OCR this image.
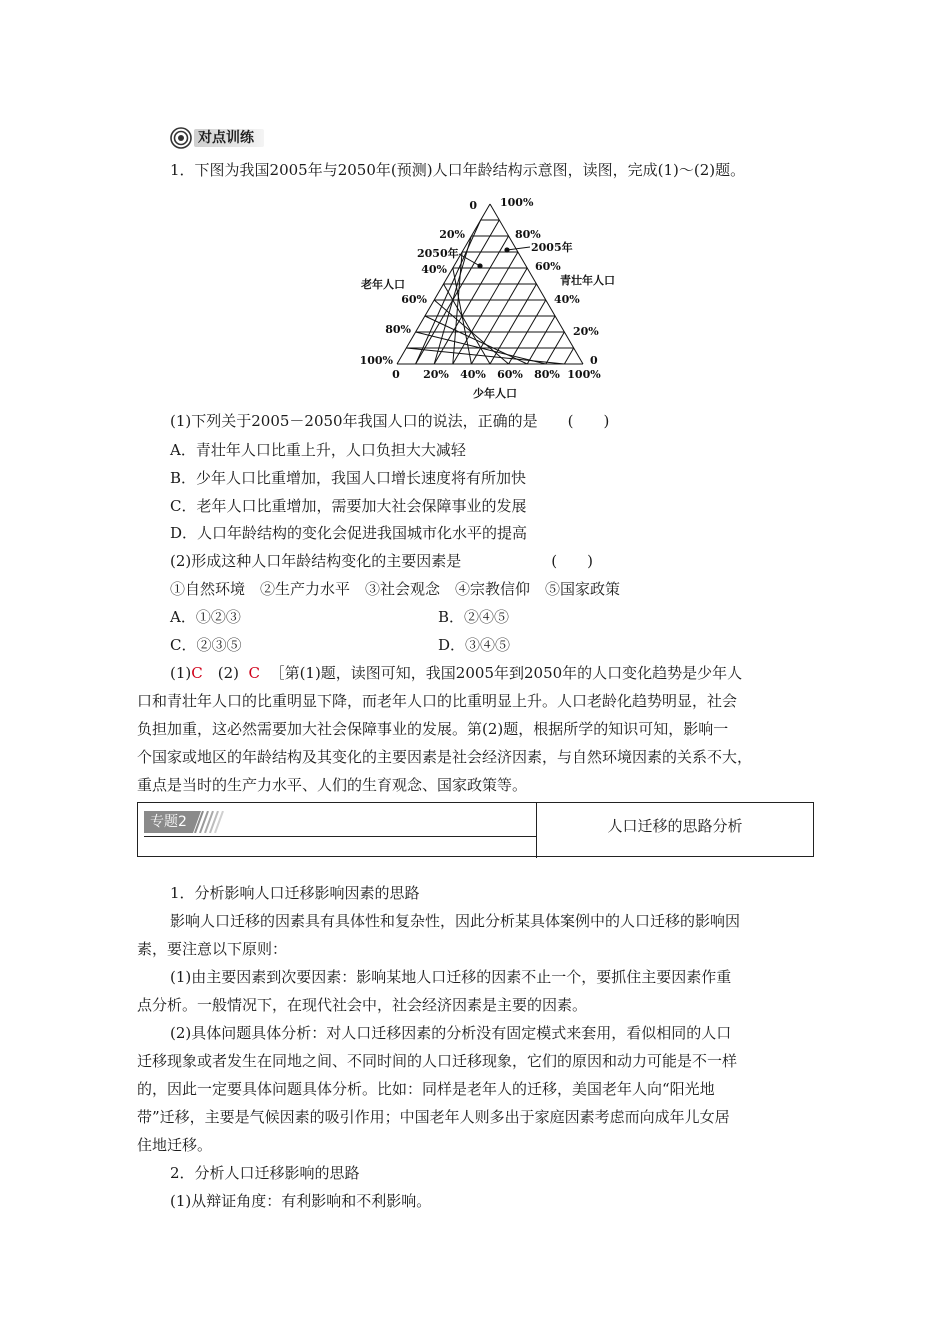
对点训练
1．下图为我国2005年与2050年(预测)人口年龄结构示意图，读图，完成(1)～(2)题。
0
20%
40%
60%
80%
100%
100%
80%
60%
40%
20%
0
0 20% 40% 60% 80% 100%
老年人口	青壮年人口
少年人口
2050年	2005年
(1)下列关于2005－2050年我国人口的说法，正确的是　　(　　)
A．青壮年人口比重上升，人口负担大大减轻
B．少年人口比重增加，我国人口增长速度将有所加快
C．老年人口比重增加，需要加大社会保障事业的发展
D．人口年龄结构的变化会促进我国城市化水平的提高
(2)形成这种人口年龄结构变化的主要因素是　　　　　　(　　)
①自然环境　②生产力水平　③社会观念　④宗教信仰　⑤国家政策
A．①②③	B．②④⑤
C．②③⑤	D．③④⑤
(1)C　(2) C ［第(1)题，读图可知，我国2005年到2050年的人口变化趋势是少年人
口和青壮年人口的比重明显下降，而老年人口的比重明显上升。人口老龄化趋势明显，社会
负担加重，这必然需要加大社会保障事业的发展。第(2)题，根据所学的知识可知，影响一
个国家或地区的年龄结构及其变化的主要因素是社会经济因素，与自然环境因素的关系不大，
重点是当时的生产力水平、人们的生育观念、国家政策等。
专题2	人口迁移的思路分析
1．分析影响人口迁移影响因素的思路
影响人口迁移的因素具有具体性和复杂性，因此分析某具体案例中的人口迁移的影响因
素，要注意以下原则：
(1)由主要因素到次要因素：影响某地人口迁移的因素不止一个，要抓住主要因素作重
点分析。一般情况下，在现代社会中，社会经济因素是主要的因素。
(2)具体问题具体分析：对人口迁移因素的分析没有固定模式来套用，看似相同的人口
迁移现象或者发生在同地之间、不同时间的人口迁移现象，它们的原因和动力可能是不一样
的，因此一定要具体问题具体分析。比如：同样是老年人的迁移，美国老年人向“阳光地
带”迁移，主要是气候因素的吸引作用；中国老年人则多出于家庭因素考虑而向成年儿女居
住地迁移。
2．分析人口迁移影响的思路
(1)从辩证角度：有利影响和不利影响。
